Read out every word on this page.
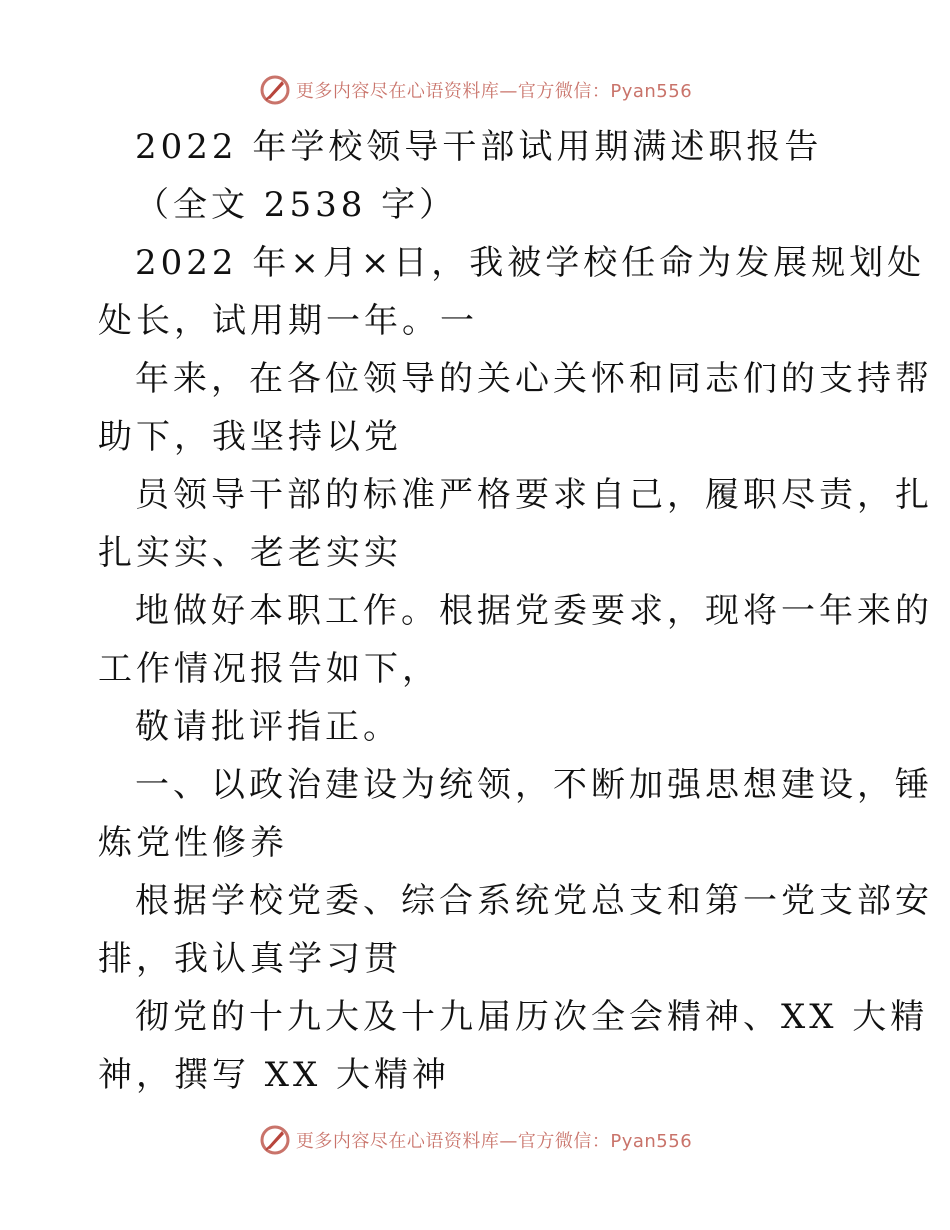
更多内容尽在心语资料库—官方微信：Pyan556
2022 年学校领导干部试用期满述职报告
（全文 2538 字）
2022 年×月×日，我被学校任命为发展规划处
处长，试用期一年。一
年来，在各位领导的关心关怀和同志们的支持帮
助下，我坚持以党
员领导干部的标准严格要求自己，履职尽责，扎
扎实实、老老实实
地做好本职工作。根据党委要求，现将一年来的
工作情况报告如下，
敬请批评指正。
一、以政治建设为统领，不断加强思想建设，锤
炼党性修养
根据学校党委、综合系统党总支和第一党支部安
排，我认真学习贯
彻党的十九大及十九届历次全会精神、XX 大精
神，撰写 XX 大精神
更多内容尽在心语资料库—官方微信：Pyan556
